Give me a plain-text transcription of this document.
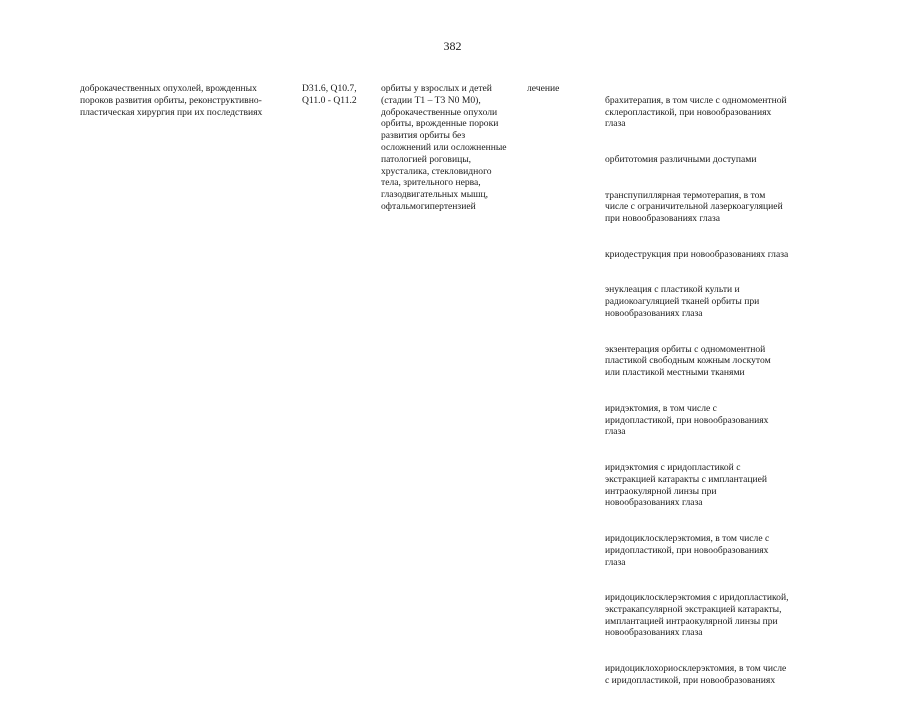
382
доброкачественных опухолей, врожденных
пороков развития орбиты, реконструктивно-
пластическая хирургия при их последствиях
D31.6, Q10.7,
Q11.0 - Q11.2
орбиты у взрослых и детей
(стадии T1 – T3 N0 M0),
доброкачественные опухоли
орбиты, врожденные пороки
развития орбиты без
осложнений или осложненные
патологией роговицы,
хрусталика, стекловидного
тела, зрительного нерва,
глазодвигательных мышц,
офтальмогипертензией
лечение

брахитерапия, в том числе с одномоментной
склеропластикой, при новообразованиях
глаза

орбитотомия различными доступами

транспупиллярная термотерапия, в том
числе с ограничительной лазеркоагуляцией
при новообразованиях глаза

криодеструкция при новообразованиях глаза

энуклеация с пластикой культи и
радиокоагуляцией тканей орбиты при
новообразованиях глаза

экзентерация орбиты с одномоментной
пластикой свободным кожным лоскутом
или пластикой местными тканями

иридэктомия, в том числе с
иридопластикой, при новообразованиях
глаза

иридэктомия с иридопластикой с
экстракцией катаракты с имплантацией
интраокулярной линзы при
новообразованиях глаза

иридоциклосклерэктомия, в том числе с
иридопластикой, при новообразованиях
глаза

иридоциклосклерэктомия с иридопластикой,
экстракапсулярной экстракцией катаракты,
имплантацией интраокулярной линзы при
новообразованиях глаза

иридоциклохориосклерэктомия, в том числе
с иридопластикой, при новообразованиях
